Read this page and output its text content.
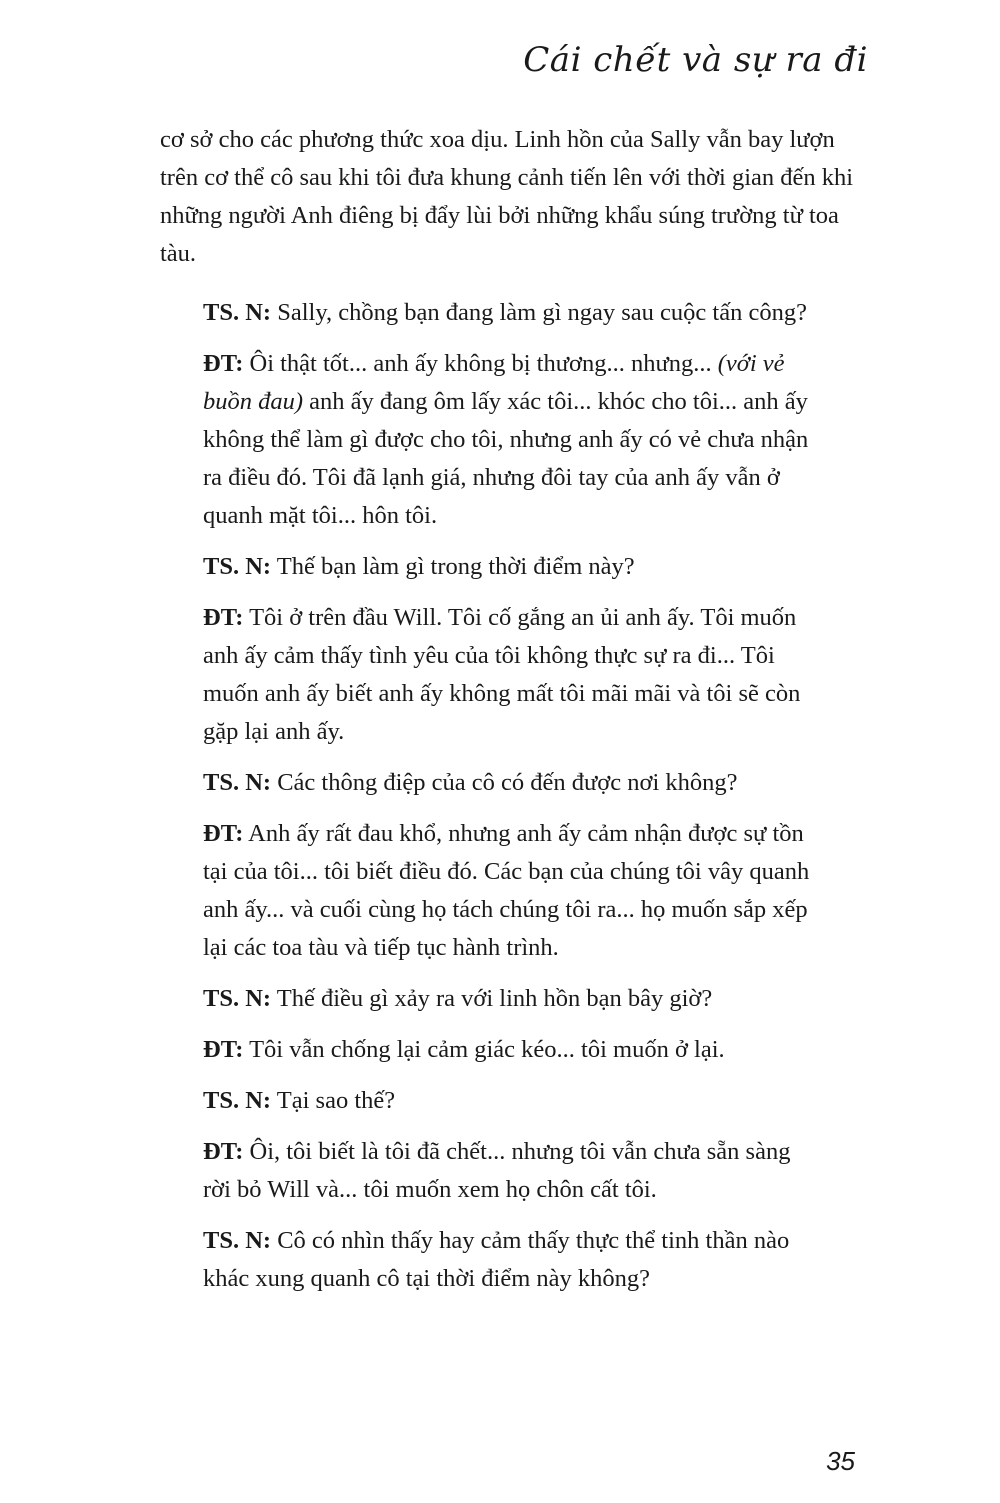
Cái chết và sự ra đi

cơ sở cho các phương thức xoa dịu. Linh hồn của Sally vẫn bay lượn trên cơ thể cô sau khi tôi đưa khung cảnh tiến lên với thời gian đến khi những người Anh điêng bị đẩy lùi bởi những khẩu súng trường từ toa tàu.

TS. N: Sally, chồng bạn đang làm gì ngay sau cuộc tấn công?

ĐT: Ôi thật tốt... anh ấy không bị thương... nhưng... (với vẻ buồn đau) anh ấy đang ôm lấy xác tôi... khóc cho tôi... anh ấy không thể làm gì được cho tôi, nhưng anh ấy có vẻ chưa nhận ra điều đó. Tôi đã lạnh giá, nhưng đôi tay của anh ấy vẫn ở quanh mặt tôi... hôn tôi.

TS. N: Thế bạn làm gì trong thời điểm này?

ĐT: Tôi ở trên đầu Will. Tôi cố gắng an ủi anh ấy. Tôi muốn anh ấy cảm thấy tình yêu của tôi không thực sự ra đi... Tôi muốn anh ấy biết anh ấy không mất tôi mãi mãi và tôi sẽ còn gặp lại anh ấy.

TS. N: Các thông điệp của cô có đến được nơi không?

ĐT: Anh ấy rất đau khổ, nhưng anh ấy cảm nhận được sự tồn tại của tôi... tôi biết điều đó. Các bạn của chúng tôi vây quanh anh ấy... và cuối cùng họ tách chúng tôi ra... họ muốn sắp xếp lại các toa tàu và tiếp tục hành trình.

TS. N: Thế điều gì xảy ra với linh hồn bạn bây giờ?

ĐT: Tôi vẫn chống lại cảm giác kéo... tôi muốn ở lại.

TS. N: Tại sao thế?

ĐT: Ôi, tôi biết là tôi đã chết... nhưng tôi vẫn chưa sẵn sàng rời bỏ Will và... tôi muốn xem họ chôn cất tôi.

TS. N: Cô có nhìn thấy hay cảm thấy thực thể tinh thần nào khác xung quanh cô tại thời điểm này không?

35
